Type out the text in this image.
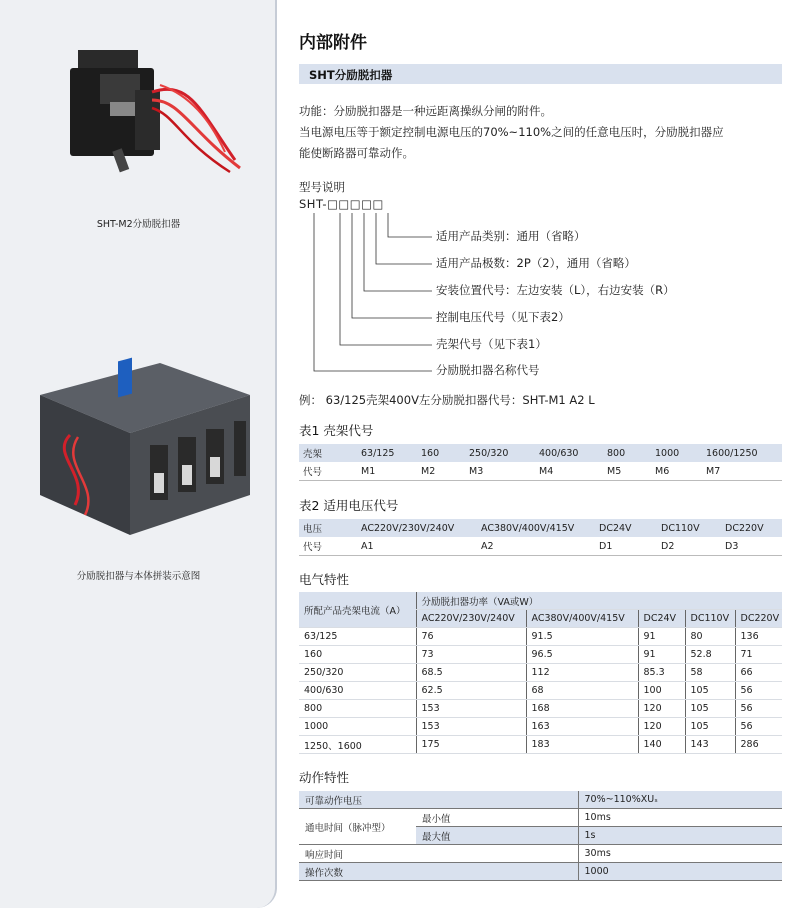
SHT-M2分励脱扣器
分励脱扣器与本体拼装示意图
内部附件
SHT分励脱扣器
功能：分励脱扣器是一种远距离操纵分闸的附件。
当电源电压等于额定控制电源电压的70%~110%之间的任意电压时，分励脱扣器应
能使断路器可靠动作。
型号说明
SHT-□□□□□
适用产品类别：通用（省略）
适用产品极数：2P（2），通用（省略）
安装位置代号：左边安装（L），右边安装（R）
控制电压代号（见下表2）
壳架代号（见下表1）
分励脱扣器名称代号
例： 63/125壳架400V左分励脱扣器代号：SHT-M1 A2 L
表1 壳架代号
壳架	63/125	160	250/320	400/630	800	1000	1600/1250
代号	M1	M2	M3	M4	M5	M6	M7
表2 适用电压代号
电压	AC220V/230V/240V	AC380V/400V/415V	DC24V	DC110V	DC220V
代号	A1	A2	D1	D2	D3
电气特性
所配产品壳架电流（A）	分励脱扣器功率（VA或W）				
	AC220V/230V/240V	AC380V/400V/415V	DC24V	DC110V	DC220V
63/125	76	91.5	91	80	136
160	73	96.5	91	52.8	71
250/320	68.5	112	85.3	58	66
400/630	62.5	68	100	105	56
800	153	168	120	105	56
1000	153	163	120	105	56
1250、1600	175	183	140	143	286
动作特性
可靠动作电压		70%~110%XUₛ
通电时间（脉冲型）	最小值	10ms
	最大值	1s
响应时间		30ms
操作次数		1000
